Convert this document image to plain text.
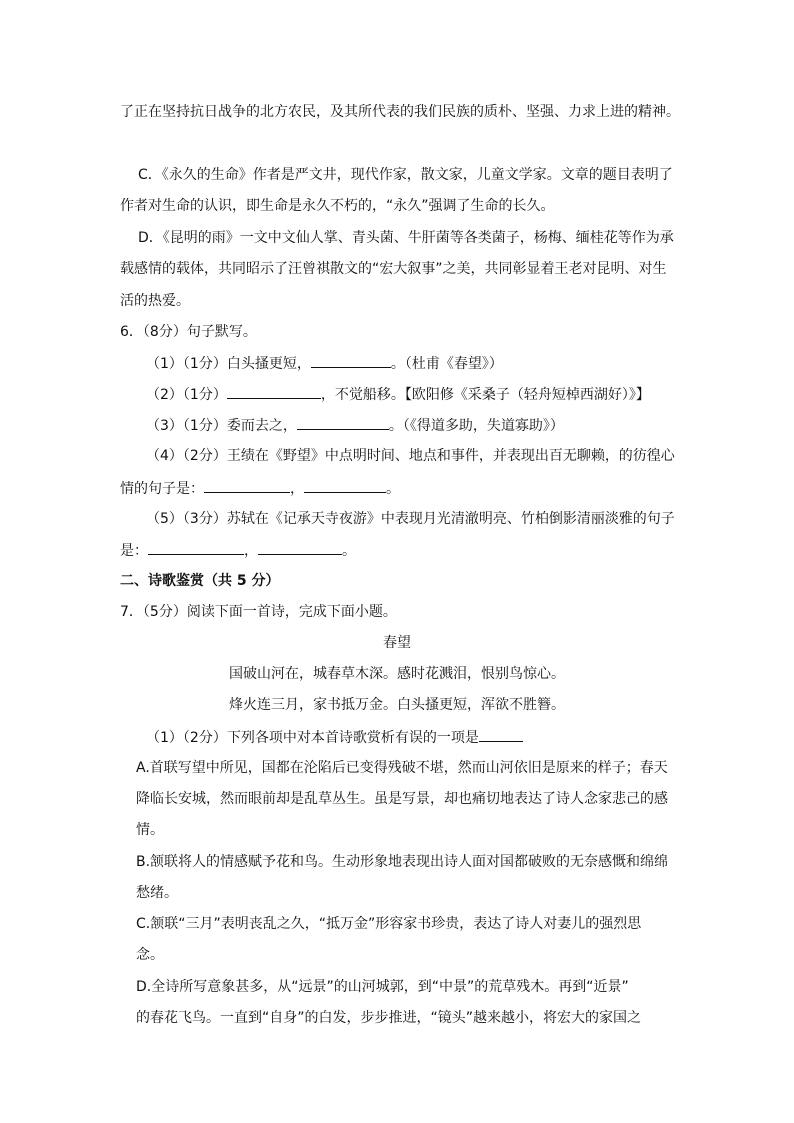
了正在坚持抗日战争的北方农民，及其所代表的我们民族的质朴、坚强、力求上进的精神。
C．《永久的生命》作者是严文井，现代作家，散文家，儿童文学家。文章的题目表明了
作者对生命的认识，即生命是永久不朽的，“永久”强调了生命的长久。
D．《昆明的雨》一文中文仙人掌、青头菌、牛肝菌等各类菌子，杨梅、缅桂花等作为承
载感情的载体，共同昭示了汪曾祺散文的“宏大叙事”之美，共同彰显着王老对昆明、对生
活的热爱。
6．（8分）句子默写。
（1）（1分）白头搔更短，	。（杜甫《春望》）
（2）（1分）	，不觉船移。【欧阳修《采桑子（轻舟短棹西湖好）》】
（3）（1分）委而去之，	。（《得道多助，失道寡助》）
（4）（2分）王绩在《野望》中点明时间、地点和事件，并表现出百无聊赖，的彷徨心
情的句子是：	，	。
（5）（3分）苏轼在《记承天寺夜游》中表现月光清澈明亮、竹柏倒影清丽淡雅的句子
是：	，	。
二、诗歌鉴赏（共 5 分）
7．（5分）阅读下面一首诗，完成下面小题。
春望
国破山河在，城春草木深。感时花溅泪，恨别鸟惊心。
烽火连三月，家书抵万金。白头搔更短，浑欲不胜簪。
（1）（2分）下列各项中对本首诗歌赏析有误的一项是
A.首联写望中所见，国都在沦陷后已变得残破不堪，然而山河依旧是原来的样子；春天
降临长安城，然而眼前却是乱草丛生。虽是写景，却也痛切地表达了诗人念家悲己的感
情。
B.颔联将人的情感赋予花和鸟。生动形象地表现出诗人面对国都破败的无奈感慨和绵绵
愁绪。
C.颔联“三月”表明丧乱之久，“抵万金”形容家书珍贵，表达了诗人对妻儿的强烈思
念。
D.全诗所写意象甚多，从“远景”的山河城郭，到“中景”的荒草残木。再到“近景”
的春花飞鸟。一直到“自身”的白发，步步推进，“镜头”越来越小，将宏大的家国之
